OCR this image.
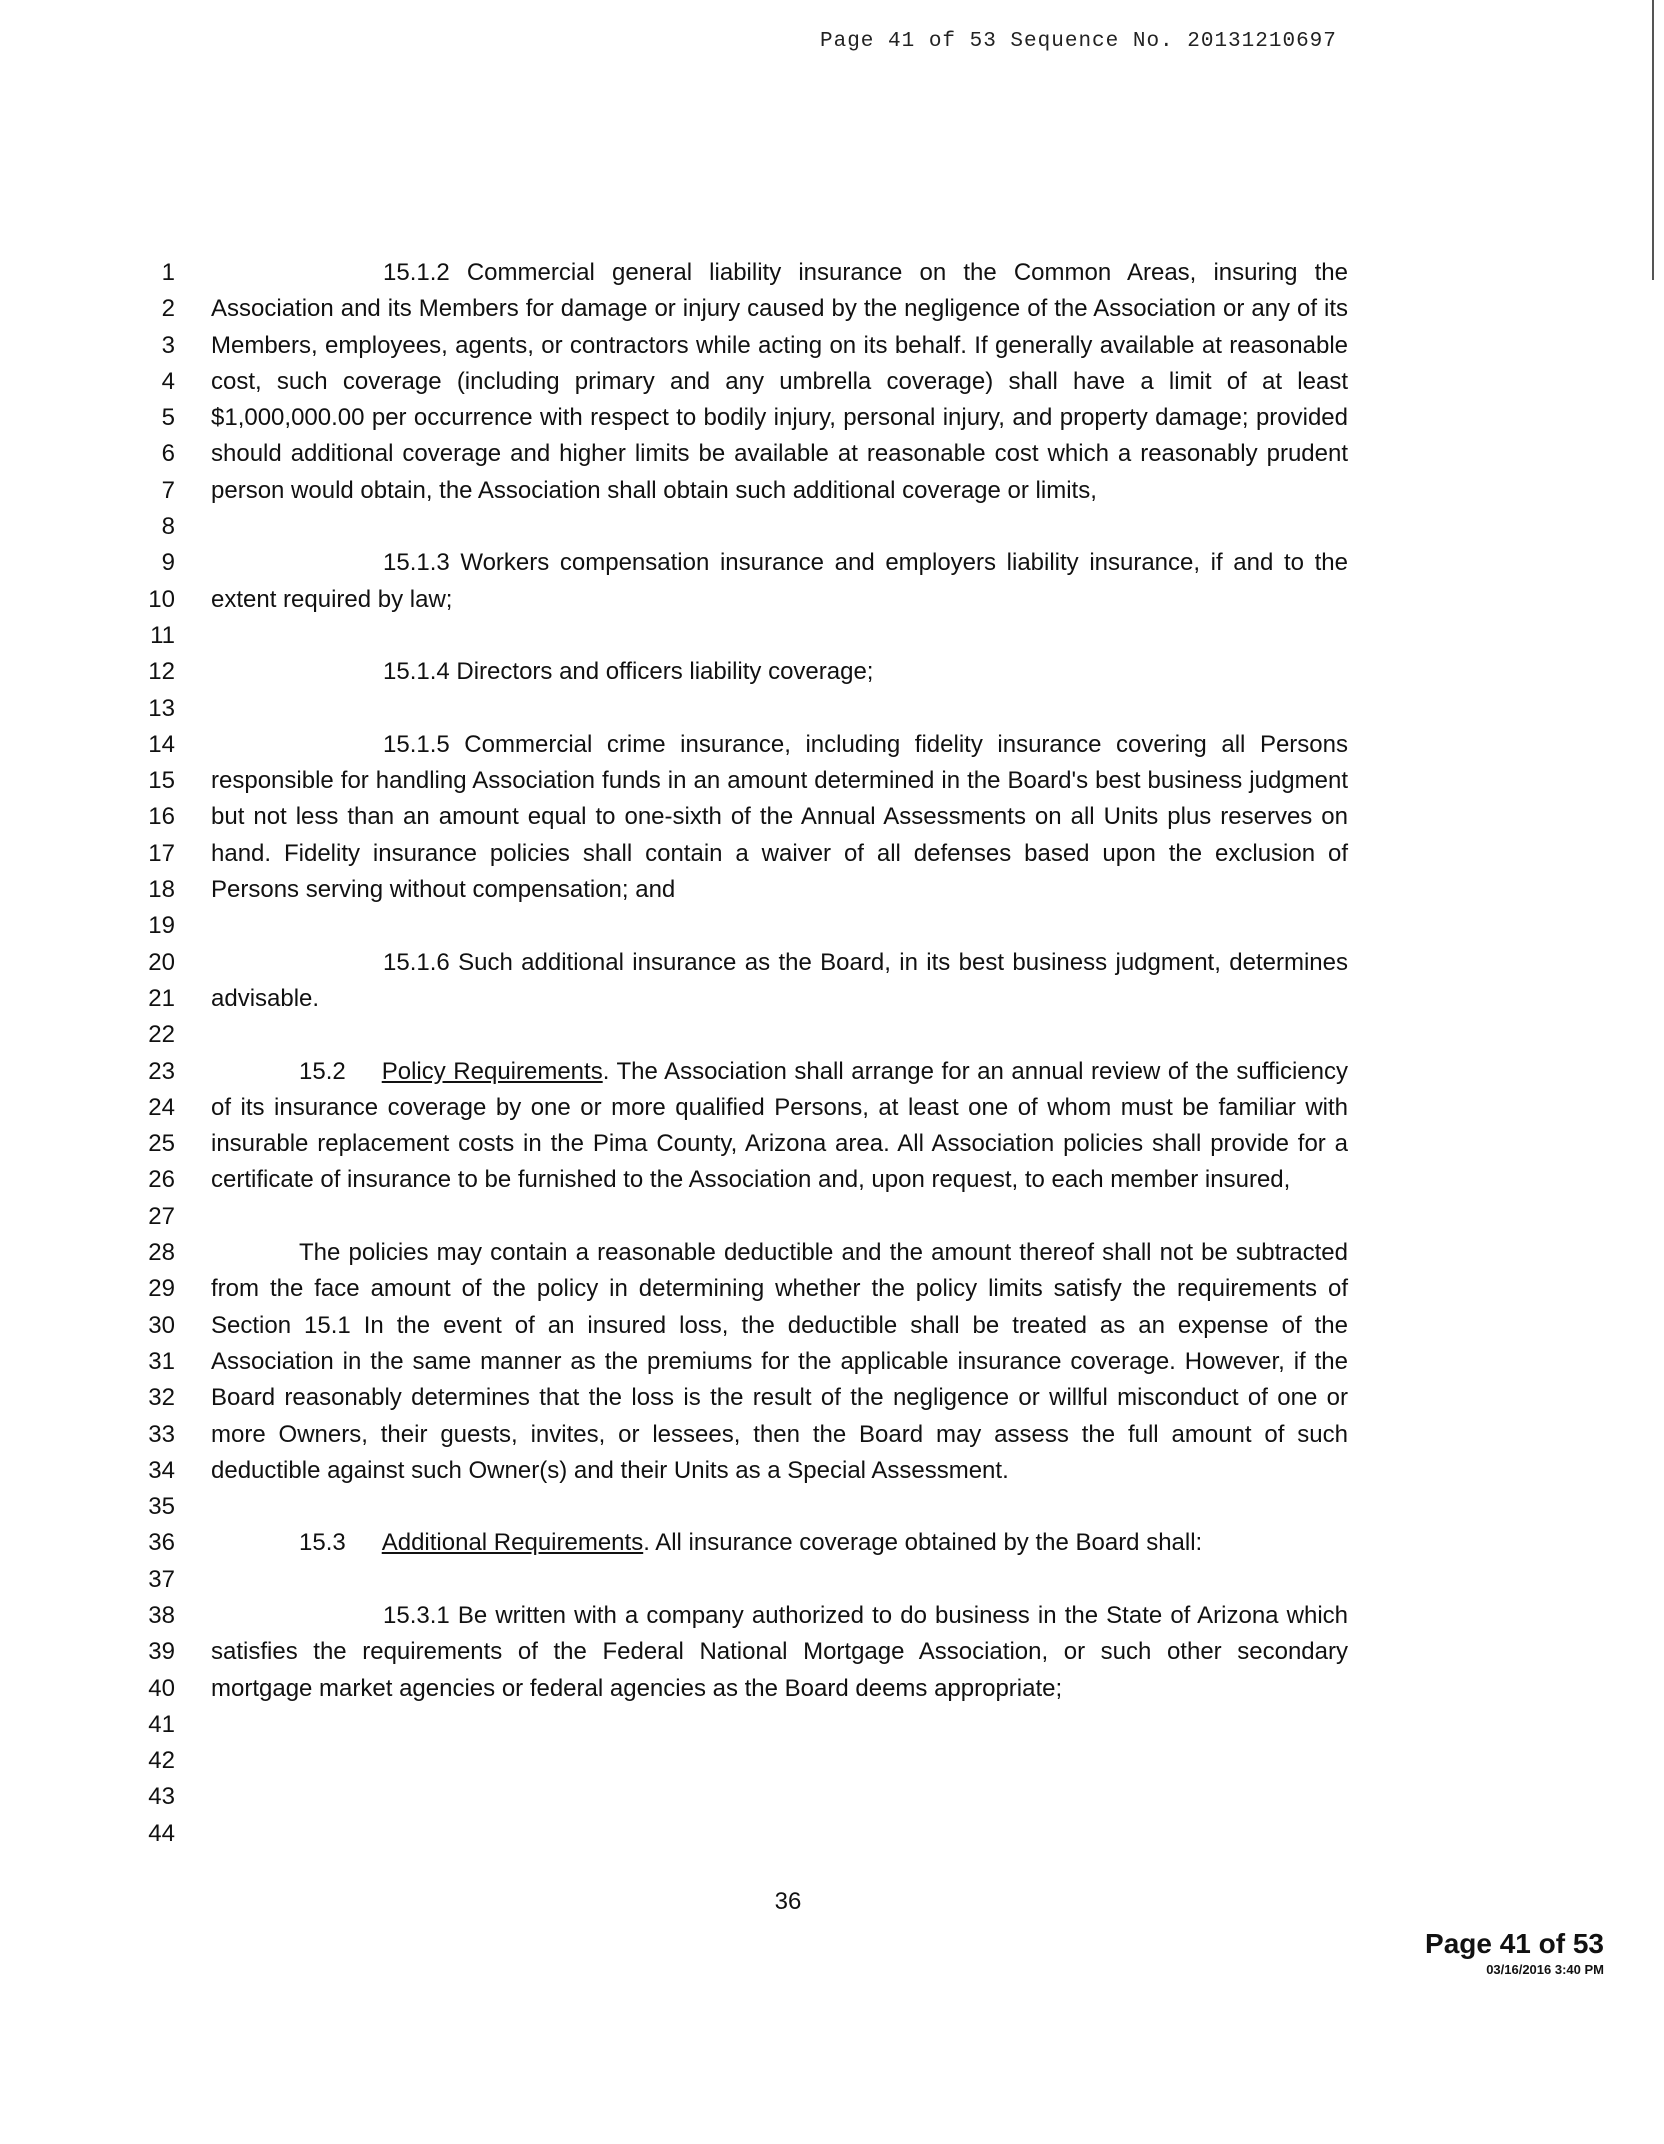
Page 41 of 53 Sequence No. 20131210697
1
2
3
4
5
6
7
8
9
10
11
12
13
14
15
16
17
18
19
20
21
22
23
24
25
26
27
28
29
30
31
32
33
34
35
36
37
38
39
40
41
42
43
44

15.1.2 Commercial general liability insurance on the Common Areas, insuring the Association and its Members for damage or injury caused by the negligence of the Association or any of its Members, employees, agents, or contractors while acting on its behalf. If generally available at reasonable cost, such coverage (including primary and any umbrella coverage) shall have a limit of at least $1,000,000.00 per occurrence with respect to bodily injury, personal injury, and property damage; provided should additional coverage and higher limits be available at reasonable cost which a reasonably prudent person would obtain, the Association shall obtain such additional coverage or limits,

15.1.3 Workers compensation insurance and employers liability insurance, if and to the extent required by law;

15.1.4 Directors and officers liability coverage;

15.1.5 Commercial crime insurance, including fidelity insurance covering all Persons responsible for handling Association funds in an amount determined in the Board's best business judgment but not less than an amount equal to one-sixth of the Annual Assessments on all Units plus reserves on hand. Fidelity insurance policies shall contain a waiver of all defenses based upon the exclusion of Persons serving without compensation; and

15.1.6 Such additional insurance as the Board, in its best business judgment, determines advisable.

15.2 Policy Requirements. The Association shall arrange for an annual review of the sufficiency of its insurance coverage by one or more qualified Persons, at least one of whom must be familiar with insurable replacement costs in the Pima County, Arizona area. All Association policies shall provide for a certificate of insurance to be furnished to the Association and, upon request, to each member insured,

The policies may contain a reasonable deductible and the amount thereof shall not be subtracted from the face amount of the policy in determining whether the policy limits satisfy the requirements of Section 15.1 In the event of an insured loss, the deductible shall be treated as an expense of the Association in the same manner as the premiums for the applicable insurance coverage. However, if the Board reasonably determines that the loss is the result of the negligence or willful misconduct of one or more Owners, their guests, invites, or lessees, then the Board may assess the full amount of such deductible against such Owner(s) and their Units as a Special Assessment.

15.3 Additional Requirements. All insurance coverage obtained by the Board shall:

15.3.1 Be written with a company authorized to do business in the State of Arizona which satisfies the requirements of the Federal National Mortgage Association, or such other secondary mortgage market agencies or federal agencies as the Board deems appropriate;

36
Page 41 of 53
03/16/2016 3:40 PM
